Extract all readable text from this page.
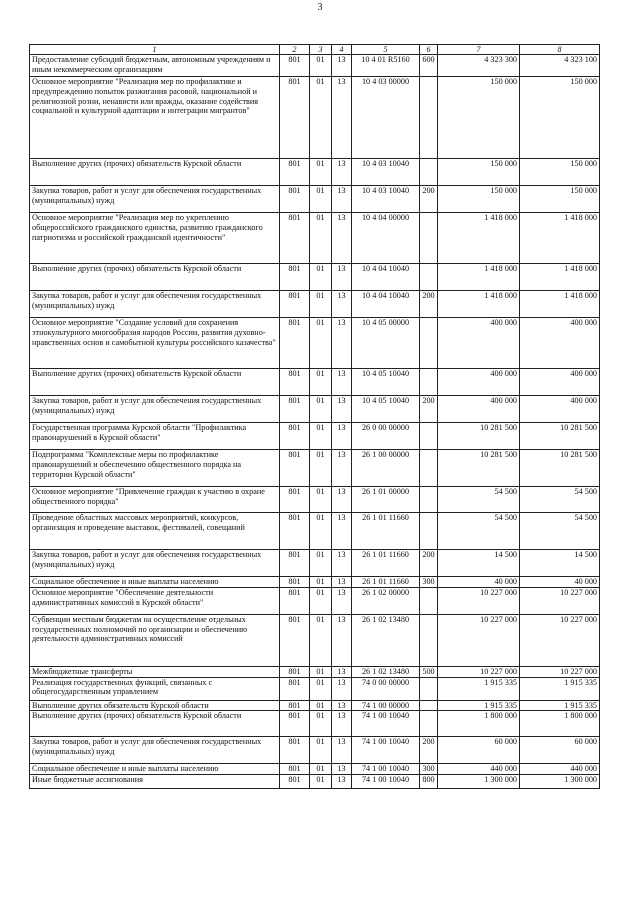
3
1	2	3	4	5	6	7	8
Предоставление субсидий бюджетным, автономным учреждениям и иным некоммерческим организациям	801	01	13	10 4 01 R5160	600	4 323 300	4 323 100
Основное мероприятие "Реализация мер по профилактике и предупреждению попыток разжигания расовой, национальной и религиозной розни, ненависти или вражды, оказание содействия социальной и культурной адаптации и интеграции мигрантов"	801	01	13	10 4 03 00000		150 000	150 000
Выполнение других (прочих) обязательств Курской области	801	01	13	10 4 03 10040		150 000	150 000
Закупка товаров, работ и услуг для обеспечения государственных (муниципальных) нужд	801	01	13	10 4 03 10040	200	150 000	150 000
Основное мероприятие "Реализация мер по укреплению общероссийского гражданского единства, развитию гражданского патриотизма и российской гражданской идентичности"	801	01	13	10 4 04 00000		1 418 000	1 418 000
Выполнение других (прочих) обязательств Курской области	801	01	13	10 4 04 10040		1 418 000	1 418 000
Закупка товаров, работ и услуг для обеспечения государственных (муниципальных) нужд	801	01	13	10 4 04 10040	200	1 418 000	1 418 000
Основное мероприятие "Создание условий для сохранения этнокультурного многообразия народов России, развития духовно-нравственных основ и самобытной культуры российского казачества"	801	01	13	10 4 05 00000		400 000	400 000
Выполнение других (прочих) обязательств Курской области	801	01	13	10 4 05 10040		400 000	400 000
Закупка товаров, работ и услуг для обеспечения государственных (муниципальных) нужд	801	01	13	10 4 05 10040	200	400 000	400 000
Государственная программа Курской области "Профилактика правонарушений в Курской области"	801	01	13	26 0 00 00000		10 281 500	10 281 500
Подпрограмма "Комплексные меры по профилактике правонарушений и обеспечению общественного порядка на территории Курской области"	801	01	13	26 1 00 00000		10 281 500	10 281 500
Основное мероприятие "Привлечение граждан к участию в охране общественного порядка"	801	01	13	26 1 01 00000		54 500	54 500
Проведение областных массовых мероприятий, конкурсов, организация и проведение выставок, фестивалей, совещаний	801	01	13	26 1 01 11660		54 500	54 500
Закупка товаров, работ и услуг для обеспечения государственных (муниципальных) нужд	801	01	13	26 1 01 11660	200	14 500	14 500
Социальное обеспечение и иные выплаты населению	801	01	13	26 1 01 11660	300	40 000	40 000
Основное мероприятие "Обеспечение деятельности административных комиссий в Курской области"	801	01	13	26 1 02 00000		10 227 000	10 227 000
Субвенции местным бюджетам на осуществление отдельных государственных полномочий по организации и обеспечению деятельности административных комиссий	801	01	13	26 1 02 13480		10 227 000	10 227 000
Межбюджетные трансферты	801	01	13	26 1 02 13480	500	10 227 000	10 227 000
Реализация государственных функций, связанных с общегосударственным управлением	801	01	13	74 0 00 00000		1 915 335	1 915 335
Выполнение других обязательств Курской области	801	01	13	74 1 00 00000		1 915 335	1 915 335
Выполнение других (прочих) обязательств Курской области	801	01	13	74 1 00 10040		1 800 000	1 800 000
Закупка товаров, работ и услуг для обеспечения государственных (муниципальных) нужд	801	01	13	74 1 00 10040	200	60 000	60 000
Социальное обеспечение и иные выплаты населению	801	01	13	74 1 00 10040	300	440 000	440 000
Иные бюджетные ассигнования	801	01	13	74 1 00 10040	800	1 300 000	1 300 000
